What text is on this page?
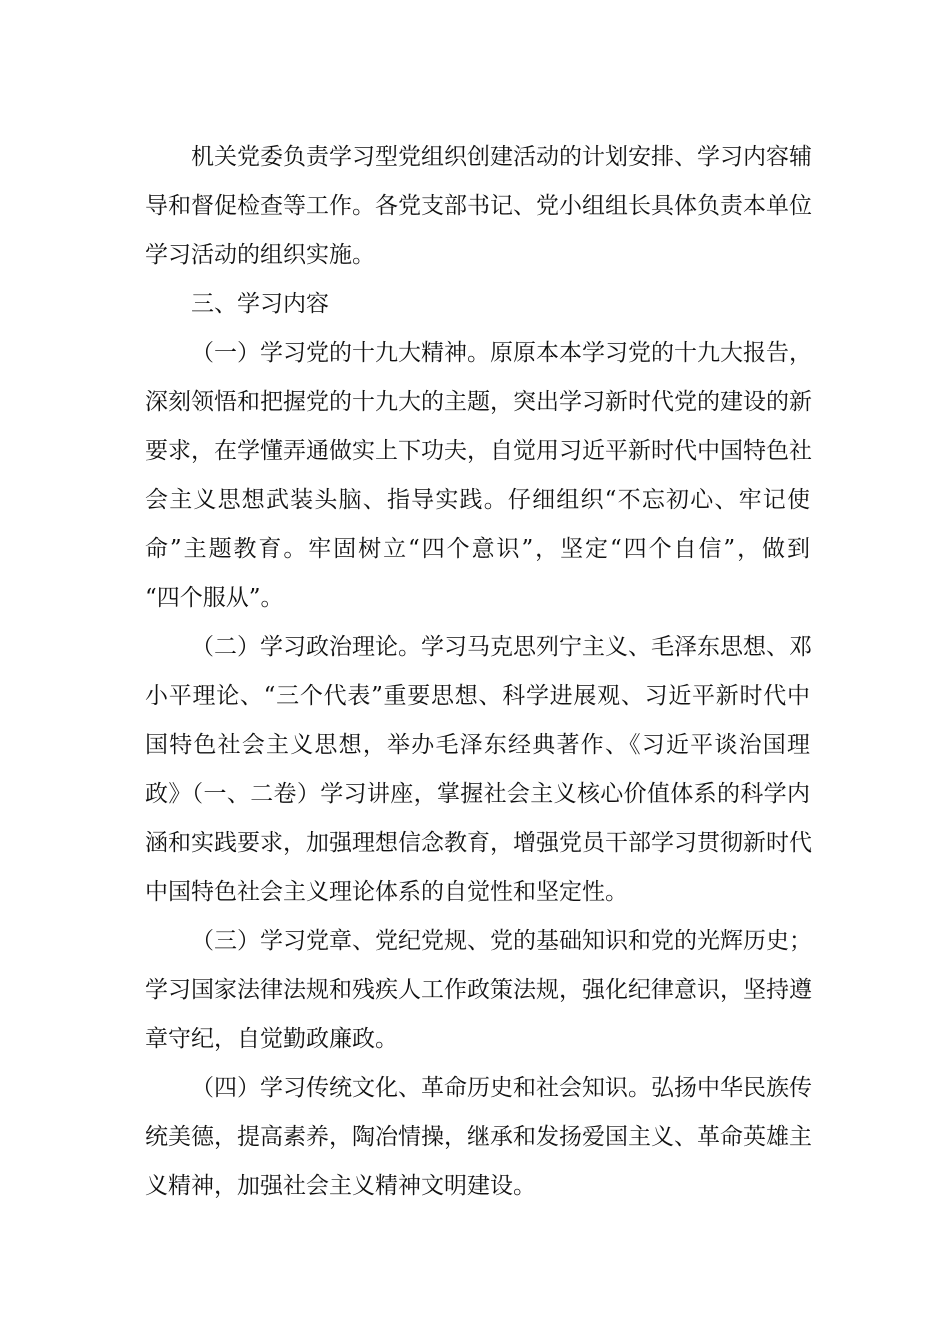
机关党委负责学习型党组织创建活动的计划安排、学习内容辅
导和督促检查等工作。各党支部书记、党小组组长具体负责本单位
学习活动的组织实施。
三、学习内容
（一）学习党的十九大精神。原原本本学习党的十九大报告，
深刻领悟和把握党的十九大的主题，突出学习新时代党的建设的新
要求，在学懂弄通做实上下功夫，自觉用习近平新时代中国特色社
会主义思想武装头脑、指导实践。仔细组织“不忘初心、牢记使
命”主题教育。牢固树立“四个意识”，坚定“四个自信”，做到
“四个服从”。
（二）学习政治理论。学习马克思列宁主义、毛泽东思想、邓
小平理论、“三个代表”重要思想、科学进展观、习近平新时代中
国特色社会主义思想，举办毛泽东经典著作、《习近平谈治国理
政》（一、二卷）学习讲座，掌握社会主义核心价值体系的科学内
涵和实践要求，加强理想信念教育，增强党员干部学习贯彻新时代
中国特色社会主义理论体系的自觉性和坚定性。
（三）学习党章、党纪党规、党的基础知识和党的光辉历史；
学习国家法律法规和残疾人工作政策法规，强化纪律意识，坚持遵
章守纪，自觉勤政廉政。
（四）学习传统文化、革命历史和社会知识。弘扬中华民族传
统美德，提高素养，陶冶情操，继承和发扬爱国主义、革命英雄主
义精神，加强社会主义精神文明建设。
